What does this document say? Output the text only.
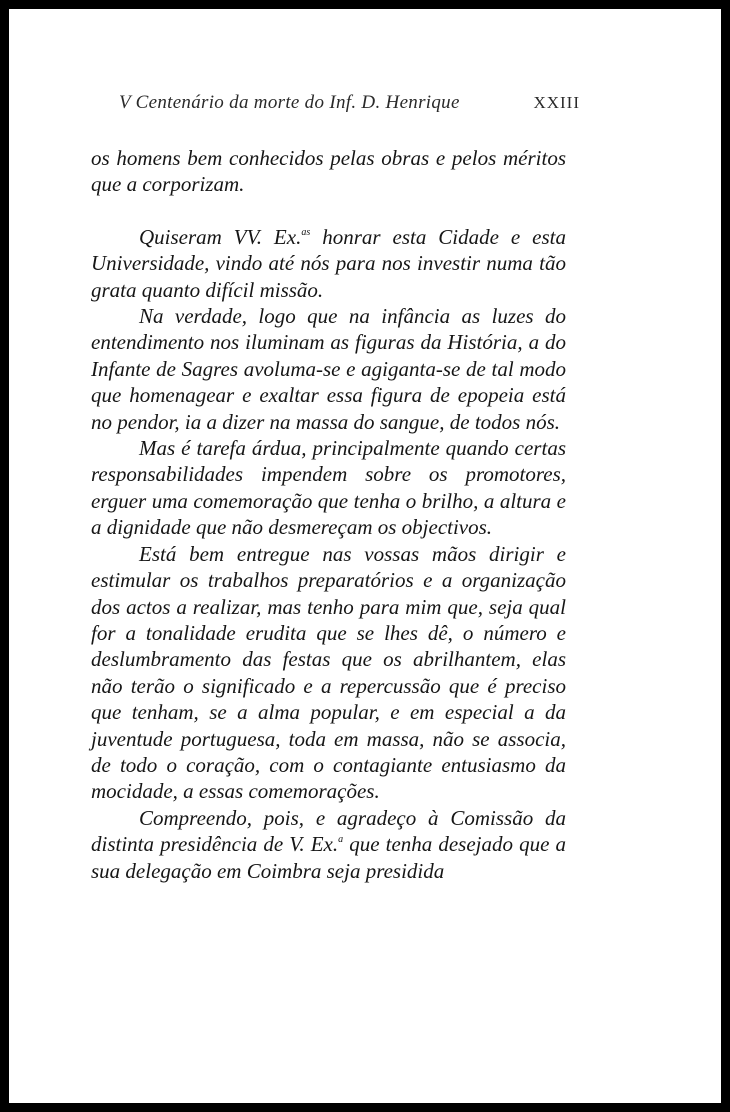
V Centenário da morte do Inf. D. Henrique	XXIII

os homens bem conhecidos pelas obras e pelos méritos que a corporizam.

Quiseram VV. Ex.$^{as}$ honrar esta Cidade e esta Universidade, vindo até nós para nos investir numa tão grata quanto difícil missão.

Na verdade, logo que na infância as luzes do entendimento nos iluminam as figuras da História, a do Infante de Sagres avoluma-se e agiganta-se de tal modo que homenagear e exaltar essa figura de epopeia está no pendor, ia a dizer na massa do sangue, de todos nós.

Mas é tarefa árdua, principalmente quando certas responsabilidades impendem sobre os promotores, erguer uma comemoração que tenha o brilho, a altura e a dignidade que não desmereçam os objectivos.

Está bem entregue nas vossas mãos dirigir e estimular os trabalhos preparatórios e a organização dos actos a realizar, mas tenho para mim que, seja qual for a tonalidade erudita que se lhes dê, o número e deslumbramento das festas que os abrilhantem, elas não terão o significado e a repercussão que é preciso que tenham, se a alma popular, e em especial a da juventude portuguesa, toda em massa, não se associa, de todo o coração, com o contagiante entusiasmo da mocidade, a essas comemorações.

Compreendo, pois, e agradeço à Comissão da distinta presidência de V. Ex.$^a$ que tenha desejado que a sua delegação em Coimbra seja presidida
